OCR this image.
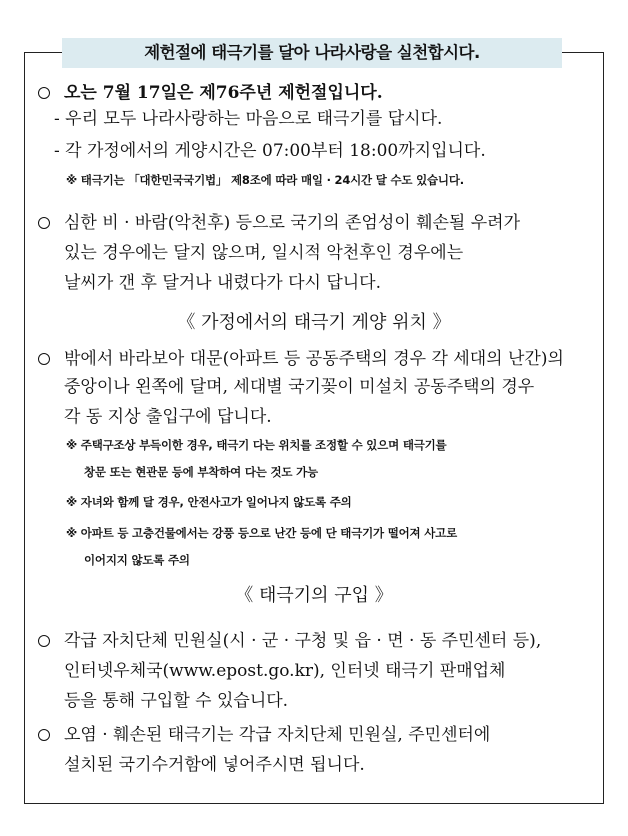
제헌절에 태극기를 달아 나라사랑을 실천합시다.
오는 7월 17일은 제76주년 제헌절입니다.
- 우리 모두 나라사랑하는 마음으로 태극기를 답시다.
- 각 가정에서의 게양시간은 07:00부터 18:00까지입니다.
※ 태극기는 「대한민국국기법」 제8조에 따라 매일 · 24시간 달 수도 있습니다.
심한 비 · 바람(악천후) 등으로 국기의 존엄성이 훼손될 우려가
있는 경우에는 달지 않으며, 일시적 악천후인 경우에는
날씨가 갠 후 달거나 내렸다가 다시 답니다.
《 가정에서의 태극기 게양 위치 》
밖에서 바라보아 대문(아파트 등 공동주택의 경우 각 세대의 난간)의
중앙이나 왼쪽에 달며, 세대별 국기꽂이 미설치 공동주택의 경우
각 동 지상 출입구에 답니다.
※ 주택구조상 부득이한 경우, 태극기 다는 위치를 조정할 수 있으며 태극기를
창문 또는 현관문 등에 부착하여 다는 것도 가능
※ 자녀와 함께 달 경우, 안전사고가 일어나지 않도록 주의
※ 아파트 등 고층건물에서는 강풍 등으로 난간 등에 단 태극기가 떨어져 사고로
이어지지 않도록 주의
《 태극기의 구입 》
각급 자치단체 민원실(시 · 군 · 구청 및 읍 · 면 · 동 주민센터 등),
인터넷우체국(www.epost.go.kr), 인터넷 태극기 판매업체
등을 통해 구입할 수 있습니다.
오염 · 훼손된 태극기는 각급 자치단체 민원실, 주민센터에
설치된 국기수거함에 넣어주시면 됩니다.
